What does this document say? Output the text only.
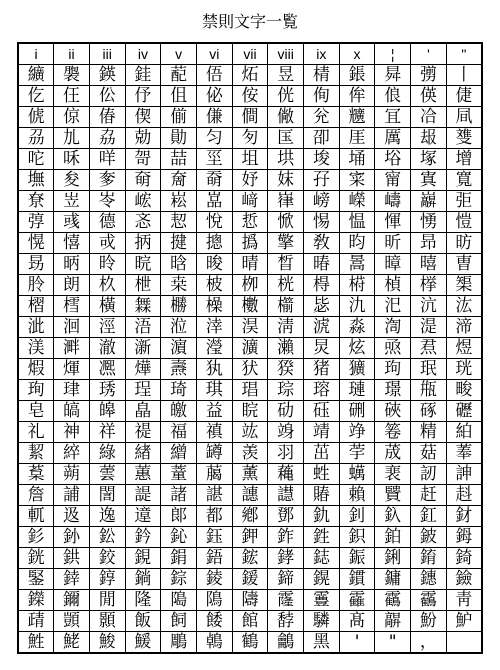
禁則文字一覧
i	ii	iii	iv	v	vi	vii	viii	ix	x	¦	'	"
纊	褜	鍈	銈	蓜	俉	炻	昱	棈	鋹	曻	彅	丨
仡	仼	伀	伃	伹	佖	侒	侊	侚	侔	俍	偀	倢
俿	倞	偆	偰	偂	傔	僴	僘	兊	兤	冝	冾	凬
刕	劜	劦	勀	勛	匀	匇	匤	卲	厓	厲	叝	﨎
咜	咊	咩	哿	喆	坙	坥	垬	埈	埇	﨏	塚	增
墲	夋	奓	奛	奝	奣	妤	妺	孖	寀	甯	寘	寬
尞	岦	岺	峵	崧	嵓	﨑	嵂	嵭	嶸	嶹	巐	弡
弴	彧	德	忞	恝	悅	悊	惞	惕	愠	惲	愑	愷
愰	憘	戓	抦	揵	摠	撝	擎	敎	昀	昕	昻	昉
昮	昞	昤	晥	晗	晙	晴	晳	暙	暠	暲	暿	曺
朎	朗	杦	枻	桒	柀	栁	桄	棏	﨓	楨	﨔	榘
槢	樰	橫	橆	橳	橾	櫢	櫤	毖	氿	汜	沆	汯
泚	洄	涇	浯	涖	涬	淏	淸	淲	淼	渹	湜	渧
渼	溿	澈	澵	濵	瀅	瀇	瀨	炅	炫	焏	焄	煜
煆	煇	凞	燁	燾	犱	犾	猤	猪	獷	玽	珉	珖
珣	珒	琇	珵	琦	琪	琩	琮	瑢	璉	璟	甁	畯
皂	皜	皞	皛	皦	益	睆	劯	砡	硎	硤	硺	礰
礼	神	祥	禔	福	禛	竑	竧	靖	竫	箞	精	絈
絜	綷	綠	緖	繒	罇	羡	羽	茁	荢	荿	菇	菶
葈	蒴	蕓	蕙	蕫	﨟	薰	蘒	﨡	蠇	裵	訒	訷
詹	誧	誾	諟	諸	諶	譓	譿	賰	賴	贒	赶	﨣
軏	﨤	逸	遧	郞	都	鄕	鄧	釚	釗	釞	釭	釮
釤	釥	鈆	鈐	鈊	鈺	鉀	鈼	鉎	鉙	鉑	鈹	鉧
銧	鉷	鉸	鋧	鋗	鋙	鋐	﨧	鋕	鋠	鋓	錥	錡
鋻	﨨	錞	鋿	錝	錂	鍰	鍗	鎤	鏆	鏞	鏸	鐱
鑅	鑈	閒	隆	﨩	隝	隯	霳	霻	靃	靍	靏	靑
靕	顗	顥	飯	飼	餧	館	馞	驎	髙	髜	魵	魲
鮏	鮱	鮻	鰀	鵰	鵫	鶴	鸙	黑	'	"	，	
